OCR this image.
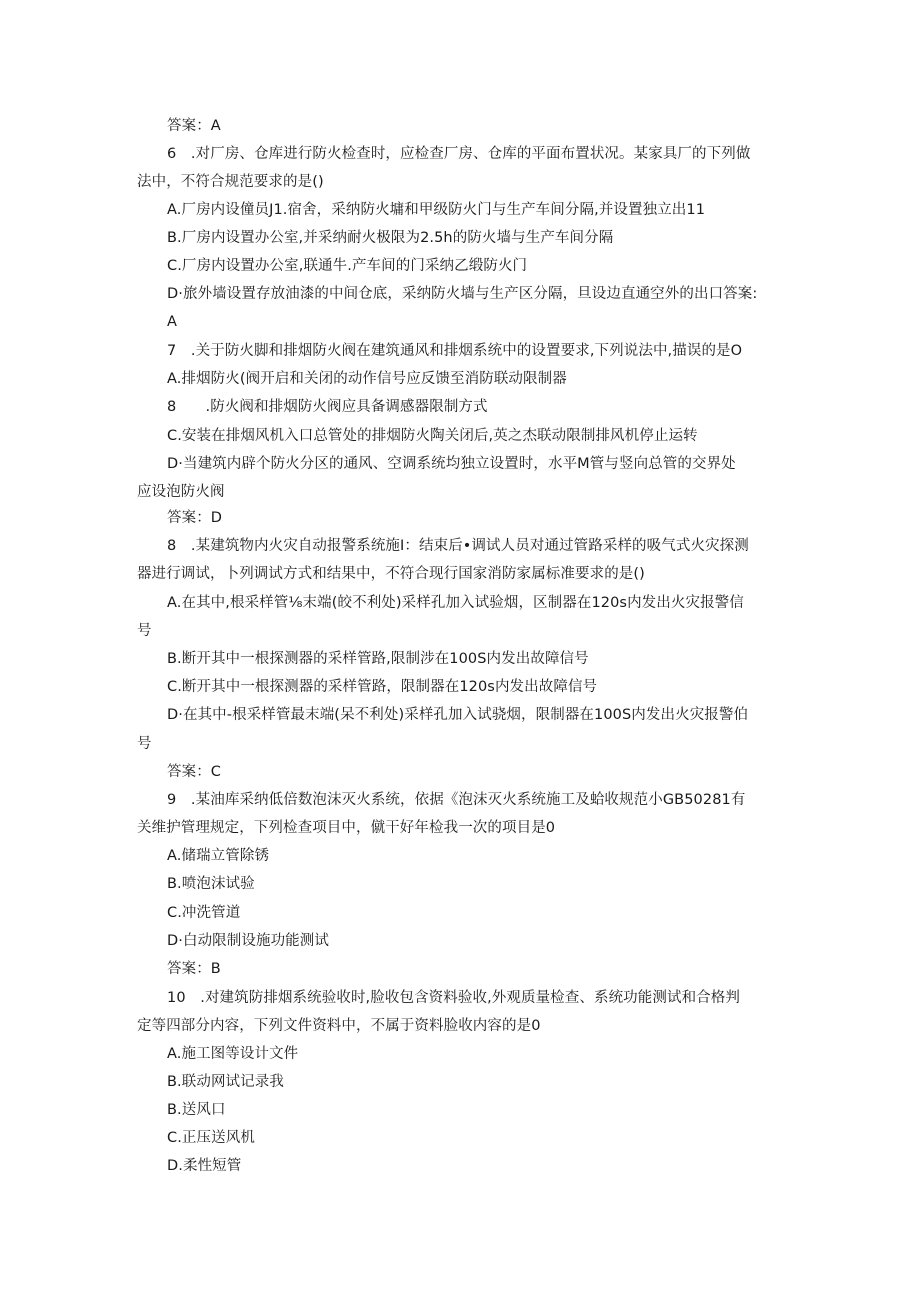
答案：A
6　.对厂房、仓库进行防火检查时，应检查厂房、仓库的平面布置状况。某家具厂的下列做
法中，不符合规范要求的是()
A.厂房内设僮员J1.宿舍，采纳防火墉和甲级防火门与生产车间分隔,并设置独立出11
B.厂房内设置办公室,并采纳耐火极限为2.5h的防火墙与生产车间分隔
C.厂房内设置办公室,联通牛.产车间的门采纳乙缎防火门
D·旅外墙设置存放油漆的中间仓底，采纳防火墙与生产区分隔，旦设边直通空外的出口答案:
A
7　.关于防火脚和排烟防火阀在建筑通风和排烟系统中的设置要求,下列说法中,描误的是O
A.排烟防火(阀开启和关闭的动作信号应反馈至消防联动限制器
8　　.防火阀和排烟防火阀应具备调感器限制方式
C.安装在排烟风机入口总管处的排烟防火陶关闭后,英之杰联动限制排风机停止运转
D·当建筑内辟个防火分区的通风、空调系统均独立设置时，水平M管与竖向总管的交界处
应设泡防火阀
答案：D
8　.某建筑物内火灾自动报警系统施I：结束后•调试人员对通过管路采样的吸气式火灾探测
器进行调试，卜列调试方式和结果中，不符合现行国家消防家属标准要求的是()
A.在其中,根采样管⅛末端(皎不利处)采样孔加入试验烟，区制器在120s内发出火灾报警信
号
B.断开其中一根探测器的采样管路,限制涉在100S内发出故障信号
C.断开其中一根探测器的采样管路，限制器在120s内发出故障信号
D·在其中-根采样管最末端(呆不利处)采样孔加入试骁烟，限制器在100S内发出火灾报警伯
号
答案：C
9　.某油库采纳低倍数泡沫灭火系统，依据《泡沫灭火系统施工及蛤收规范小GB50281有
关维护管理规定，下列检查项目中，僦干好年检我一次的项目是0
A.储瑞立管除锈
B.喷泡沫试验
C.冲洗管道
D·白动限制设施功能测试
答案：B
10　.对建筑防排烟系统验收时,脸收包含资料验收,外观质量检查、系统功能测试和合格判
定等四部分内容，下列文件资料中，不属于资料脸收内容的是0
A.施工图等设计文件
B.联动网试记录我
B.送风口
C.正压送风机
D.柔性短管
